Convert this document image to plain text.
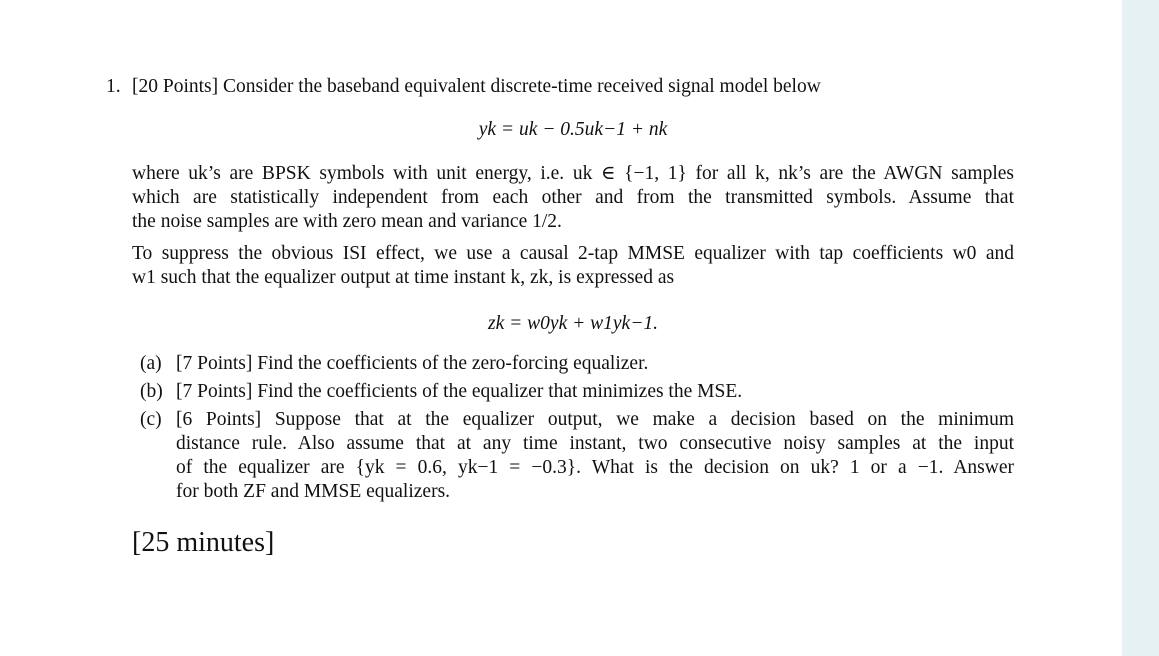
1. [20 Points] Consider the baseband equivalent discrete-time received signal model below
yk = uk − 0.5uk−1 + nk
where uk’s are BPSK symbols with unit energy, i.e. uk ∈ {−1, 1} for all k, nk’s are the AWGN samples
which are statistically independent from each other and from the transmitted symbols. Assume that
the noise samples are with zero mean and variance 1/2.
To suppress the obvious ISI effect, we use a causal 2-tap MMSE equalizer with tap coefficients w0 and
w1 such that the equalizer output at time instant k, zk, is expressed as
zk = w0yk + w1yk−1.
(a) [7 Points] Find the coefficients of the zero-forcing equalizer.
(b) [7 Points] Find the coefficients of the equalizer that minimizes the MSE.
(c) [6 Points] Suppose that at the equalizer output, we make a decision based on the minimum
distance rule. Also assume that at any time instant, two consecutive noisy samples at the input
of the equalizer are {yk = 0.6, yk−1 = −0.3}. What is the decision on uk? 1 or a −1. Answer
for both ZF and MMSE equalizers.
[25 minutes]
